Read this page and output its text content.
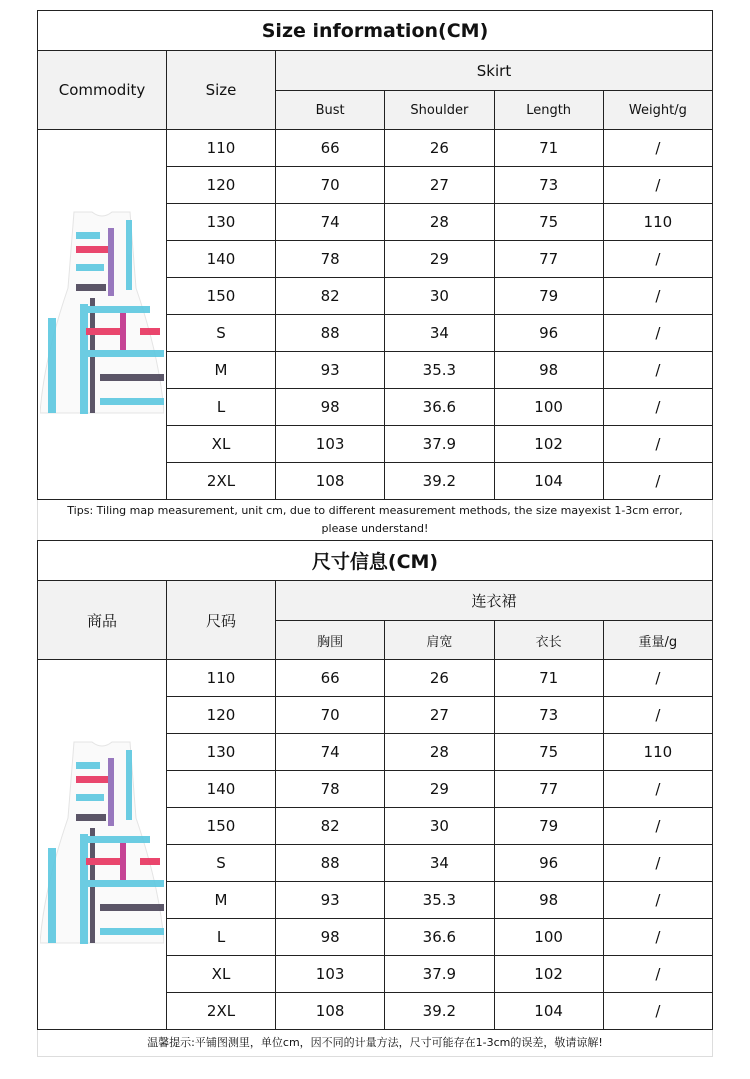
Size information(CM)					
Commodity	Size	Skirt			
		Bust	Shoulder	Length	Weight/g
	110	66	26	71	/
	120	70	27	73	/
	130	74	28	75	110
	140	78	29	77	/
	150	82	30	79	/
	S	88	34	96	/
	M	93	35.3	98	/
	L	98	36.6	100	/
	XL	103	37.9	102	/
	2XL	108	39.2	104	/
Tips: Tiling map measurement, unit cm, due to different measurement methods, the size mayexist 1-3cm error, please understand!
尺寸信息(CM)					
商品	尺码	连衣裙			
		胸围	肩宽	衣长	重量/g
	110	66	26	71	/
	120	70	27	73	/
	130	74	28	75	110
	140	78	29	77	/
	150	82	30	79	/
	S	88	34	96	/
	M	93	35.3	98	/
	L	98	36.6	100	/
	XL	103	37.9	102	/
	2XL	108	39.2	104	/
温馨提示:平铺图测里，单位cm，因不同的计量方法，尺寸可能存在1-3cm的误差，敬请谅解!
